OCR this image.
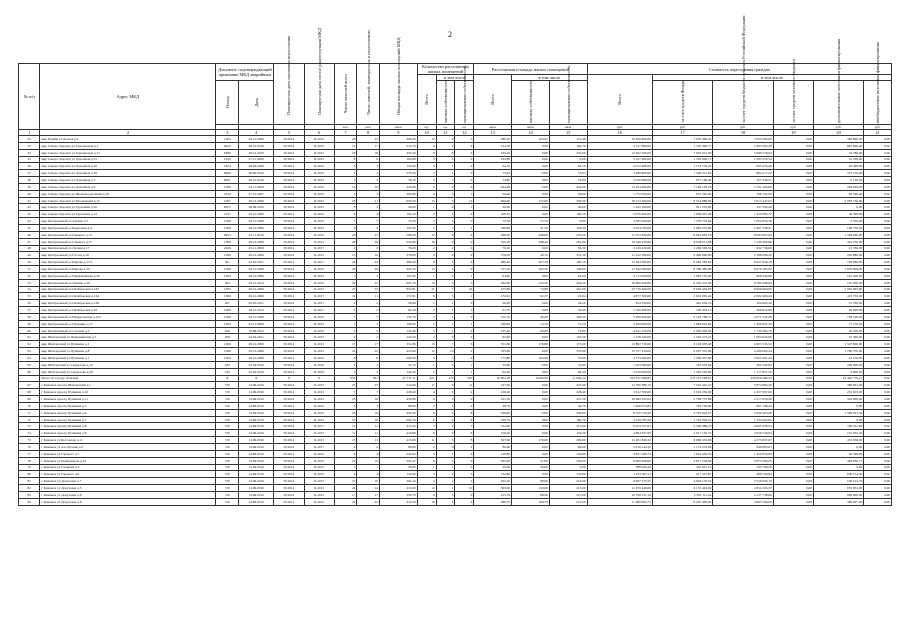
2
№ п/п	Адрес МКД	Документ, подтверждающий признание МКД аварийным		Планируемая дата окончания переселения	Планируемая дата сноса/ реконструкции МКД	Число жителей всего	Число жителей, планируемых к переселению	Общая площадь жилых помещений МКД	Количество расселяемых жилых помещений			Расселяемая площадь жилых помещений			Стоимость переселения граждан					
									Всего	в том числе		Всего	в том числе		Всего	в том числе				
		Номер	Дата							частная собственность	муниципальная собственность		частная собственность	муниципальная собственность		за счет средств Фонда	за счет средств бюджета субъекта Российской Федерации	за счет средств местного бюджета	дополнительные источники финансирования	внебюджетные источники финансирования
						чел.	чел.	кв.м	ед.	ед.	ед.	кв.м	кв.м	кв.м	руб.	руб.	руб.	руб.	руб.	руб.
1	2	3	4	5	6	7	8	9	10	11	12	13	14	15	16	17	18	19	20	21
32	мкр Рудник ул Лесная д.4	1363	29.12.2006	IV.2014	II.2015	25	25	380,20	12	9	3	380,20	103,47	172,48	19 650 860,00	7 055 460,20	7 005 584,00	0,00	382 800,00	0,00
33	мкр Северо-Задонск ул Зареченская д.1	6422	28.12.2010	IV.2014	II.2015	12	17	214,70	4	0	4	214,70	0,00	164,70	3 747 890,00	1 720 000,71	1 993 393,28	0,00	881 000,00	0,00
34	мкр Северо-Задонск ул Зареченская д.11	6380	28.12.2010	IV.2014	II.2015	18	18	435,20	8	8	0	435,20	0,00	435,00	12 822 290,00	7 003 051,06	5 680 578,94	0,00	34 780,00	0,00
35	мкр Северо-Задонск ул Дорожная д.15	1450	27.11.2006	IV.2014	II.2015	9	9	102,89	3	3	0	102,89	0,00	0,00	3 167 600,00	1 720 000,71	1 293 355,34	0,00	12 250,00	0,00
36	мкр Северо-Задонск ул Дорожная д.16	1874	28.04.2009	IV.2014	II.2015	3	3	154,90	3	1	2	64,10	0,00	64,10	2 012 480,00	1 153 776,24	923 474,46	0,00	63 400,00	0,00
37	мкр Северо-Задонск ул Дорожная д.18	6666	28.06.2010	IV.2014	II.2015	1	1	270,56	4	1	3	73,93	0,00	73,93	3 488 800,00	1 348 221,84	894 417,22	0,00	373 150,00	0,00
38	мкр Северо-Задонск ул Дорожная д.3	6621	20.12.2010	IV.2014	II.2015	3	3	78,10	3	3	0	74,80	0,00	74,80	2 050 660,00	877 160,40	707 339,51	0,00	6 150,00	0,00
39	мкр Северо-Задонск ул Дорожная д.9	1366	24.11.2006	IV.2014	II.2015	16	16	424,69	6	0	6	424,69	0,00	424,69	13 204 460,00	7 166 129,18	5 761 164,80	0,00	264 099,00	0,00
40	мкр Северо-Задонск ул Железнодорожная д.16	1619	27.12.2007	IV.2014	II.2015	3	3	383,80	4	3	1	59,60	0,00	59,60	1 772 050,00	851 340,00	796 152,00	0,00	84 590,00	0,00
41	мкр Северо-Задонск ул Московская д.12	1367	29.12.2006	IV.2014	II.2015	18	21	650,50	15	3	12	690,00	172,90	339,90	18 213 400,00	8 514 889,60	7 615 447,05	0,00	2 083 130,00	0,00
42	мкр Северо-Задонск ул Тургенева д.10	6075	28.06.2010	IV.2014	II.2015	3	3	40,00	1	0	1	40,00	0,00	40,00	1 445 590,00	811 270,60	437 590,40	0,00	0,00	0,00
43	мкр Северо-Задонск ул Тургенева д.13	1617	25.12.2009	IV.2014	II.2015	4	4	100,10	2	0	2	100,10	0,00	100,10	3 070 400,00	1 609 015,28	1 422 085,72	0,00	39 300,00	0,00
44	мкр Центральный ул Артема д.7	1366	29.12.2006	IV.2014	II.2015	7	7	72,59	4	4	0	72,59	72,59	0,00	2 385 260,00	1 379 755,64	1 002 954,36	0,00	2 550,00	0,00
45	мкр Центральный ул Березовая д.4	1366	29.12.2006	IV.2014	II.2015	9	9	191,00	5	3	2	180,80	51,50	126,30	5 654 700,00	3 085 275,80	2 467 728,41	0,00	106 750,00	0,00
46	мкр Центральный ул Горького д.15	6453	23.11.2010	IV.2014	II.2015	25	27	588,50	12	8	4	568,50	298,00	270,50	17 072 830,00	8 601 963,18	8 083 667,64	0,00	1 584 200,00	0,00
47	мкр Центральный ул Горького д.17	1366	29.12.2006	IV.2014	II.2015	29	29	552,80	18	9	9	550,20	288,40	261,80	16 540 230,00	8 928 011,08	7 149 460,86	0,00	452 750,00	0,00
48	мкр Центральный ул Дачная д.17	2449	25.11.2009	IV.2014	II.2017	2	2	70,20	2	2	0	70,20	0,00	56,30	2 149 430,00	1 269 346,32	932 738,69	0,00	21 350,00	0,00
49	мкр Центральный ул Гоголя д.18	1366	29.12.2006	IV.2014	II.2015	15	16	378,00	9	0	9	378,00	46,70	331,30	11 912 360,00	6 460 990,80	5 188 096,20	0,00	262 880,00	0,00
50	мкр Центральный ул Кирова д.17/2	561	24.02.2011	IV.2014	II.2017	24	24	489,40	8	4	4	489,40	307,30	182,10	15 644 300,00	8 282 283,84	6 627 936,16	0,00	728 080,00	0,00
51	мкр Центральный ул Кирова д.30	1366	29.12.2006	IV.2014	II.2015	26	26	404,10	13	4	9	311,50	162,50	149,00	17 642 280,00	8 786 485,48	6 979 185,62	0,00	1 876 609,00	0,00
52	мкр Центральный ул Первомайская д.20	1363	29.12.2006	IV.2014	II.2015	5	5	101,90	1	0	1	64,60	0,00	64,60	2 113 020,00	1 083 770,00	868 249,88	0,00	161 400,00	0,00
53	мкр Центральный ул Ленина д.16	593	25.12.2014	IV.2014	II.2015	22	22	601,70	10	5	5	562,60	132,50	426,20	18 600 200,00	9 470 472,36	8 782 498,64	0,00	107 200,00	0,00
54	мкр Центральный ул Октябрьская д.163	1363	29.12.2006	IV.2014	II.2015	22	53	852,81	21	7	20	475,89	74,89	401,00	23 770 400,00	8 049 454,03	8 606 900,00	0,00	5 092 995,00	0,00
55	мкр Центральный ул Октябрьская д.164	1366	29.12.2006	IV.2014	II.2017	11	11	172,91	6	5	1	172,91	92,37	20,94	4 877 300,00	2 602 095,44	2 002 469,44	0,00	415 735,00	0,00
56	мкр Центральный ул Октябрьская д.169	497	02.05.2011	IV.2014	II.2017	2	2	58,99	1	1	0	26,20	0,00	26,20	814 350,00	491 956,74	304 693,26	0,00	15 700,00	0,00
57	мкр Центральный ул Октябрьская д.93	1068	18.12.2014	IV.2014	II.2017	2	2	64,30	2	1	1	61,70	9,60	42,00	1 700 480,00	748 403,13	509 814,80	0,00	42 900,00	0,00
58	мкр Центральный ул Некрасовская д.122	1366	29.12.2006	IV.2014	II.2015	7	7	152,70	4	1	3	152,70	46,40	106,30	5 299 400,00	2 163 766,72	2 071 532,28	0,00	738 100,00	0,00
59	мкр Центральный ул Пушкина д.17	1363	25.11.2006	IV.2014	II.2015	7	7	169,90	2	1	1	169,90	14,70	75,20	3 469 900,00	1 884 602,64	1 490 847,36	0,00	77 150,00	0,00
60	мкр Центральный ул Садовая д.3	920	19.08.2012	IV.2014	II.2015	5	5	135,40	3	1	2	135,40	60,60	74,80	4 041 150,00	2 095 000,63	1 730 384,76	0,00	30 200,00	0,00
61	мкр Шахтерский ул Первомайская д.7	206	24.02.2011	IV.2014	II.2015	2	2	120,20	2	0	2	62,60	0,00	103,30	1 278 100,00	1 263 273,22	1 004 022,06	0,00	10 300,00	0,00
62	мкр Шахтерский ул Пушкина д.1	1366	29.12.2006	IV.2014	II.2015	17	17	351,86	13	7	6	351,86	176,86	175,00	13 897 730,00	6 126 976,48	4 903 533,52	0,00	2 507 800,00	0,00
63	мкр Шахтерский ул Пушкина д.8	1366	29.12.2006	IV.2014	II.2015	22	22	425,90	12	10	2	335,80	0,00	335,80	13 377 410,00	6 297 535,96	4 280 002,24	0,00	1 790 370,00	0,00
64	мкр Шахтерский ул Пушкина д.1	1363	29.12.2006	IV.2014	II.2015	8	8	209,50	5	3	2	173,80	102,90	70,90	4 733 290,00	1 599 937,60	2 002 401,44	0,00	41 150,00	0,00
65	мкр Шахтерский ул Свердлова д.14	422	22.04.2010	IV.2014	II.2016	1	1	45,70	1	0	1	32,60	0,00	32,60	1 263 380,00	552 035,64	462 344,84	0,00	249 000,00	0,00
66	мкр Шахтерский ул Свердлова д.20	432	22.04.2010	IV.2014	II.2016	2	2	144,20	2	1	1	92,40	0,00	92,40	2 919 000,00	1 595 526,80	1 117 871,20	0,00	6 000,00	0,00
	Итого по городу Донской	X	X	X	X	955	961	21 737,11	421	174	307	16 004,18	6 000,00	11 094,14	524 552 398,83	273 551 269,91	226 650 289,45	0,00	24 420 779,21	0,00
67	г Кимовск проезд Шахтерский д.1	720	14.09.2010	IV.2014	II.2015	25	23	514,60	11	6	11	437,60	0,00	437,60	12 760 386,10	7 225 445,47	5 874 984,26	0,00	380 991,00	0,00
68	г Кимовск проезд Пушкина д.10	720	14.09.2010	IV.2014	II.2015	7	7	228,40	4	0	4	228,40	0,00	228,40	5 612 760,00	3 016 250,09	2 457 097,00	0,00	201 625,00	0,00
69	г Кимовск проезд Пушкина д.11	720	14.09.2010	IV.2014	II.2015	18	18	432,80	9	0	9	321,50	0,00	321,50	10 962 932,63	5 796 775,88	4 317 656,28	0,00	344 800,00	0,00
70	г Кимовск проезд Пушкина д.5	720	14.09.2010	IV.2014	II.2015	3	3	98,90	2	0	2	49,70	0,00	49,70	1 400 074,82	793 756,80	607 148,44	0,00	0,00	0,00
71	г Кимовск проезд Пушкина д.6	720	14.09.2010	IV.2014	II.2015	16	16	450,30	8	0	8	339,90	0,00	336,90	8 550 729,20	3 795 624,57	3 640 403,48	0,00	1 569 201,34	0,00
72	г Кимовск проезд Пушкина д.7	720	14.09.2010	IV.2014	II.2015	10	10	294,70	6	0	6	169,70	0,00	169,70	3 229 765,26	1 792 092,51	1 792 092,85	0,00	0,00	0,00
73	г Кимовск проезд Пушкина д.8	720	14.09.2010	IV.2014	II.2017	12	12	413,45	7	0	7	312,60	0,00	312,60	9 254 757,05	4 596 080,23	4 065 436,03	0,00	356 222,82	0,00
74	г Кимовск проезд Пушкина д.8	720	14.09.2010	IV.2014	II.2015	11	11	416,80	6	0	6	156,20	0,00	156,20	4 864 957,96	2 617 195,72	2 056 726,84	0,00	191 035,40	0,00
75	г Кимовск ул Бессонова д.11	720	14.09.2010	IV.2014	II.2015	13	13	415,00	11	3	8	307,60	170,00	209,60	11 401 840,32	6 669 352,66	4 273 007,67	0,00	452 656,00	0,00
76	г Кимовск ул 4-я Луговая д.2	720	14.09.2010	IV.2014	II.2017	4	4	80,60	2	0	2	80,60	0,00	80,60	2 016 144,10	1 174 233,96	840 863,03	0,00	0,00	0,00
77	г Кимовск ул Горького д.7	720	14.09.2010	IV.2014	II.2015	4	4	242,84	5	1	4	126,80	0,00	126,80	3 857 189,73	1 844 463,70	1 450 950,84	0,00	92 569,00	0,00
78	г Кимовск ул Коммунаров д.34	720	14.09.2010	IV.2014	II.2015	19	19	302,47	8	2	6	302,00	51,00	256,00	9 699 498,00	4 817 239,69	3 873 399,25	0,00	426 836,77	0,00
79	г Кимовск ул Гагарина д.5	720	14.09.2010	IV.2014	II.2015	1	1	30,00	1	1	0	30,00	30,00	0,00	788 946,40	452 947,14	345 749,26	0,00	0,00	0,00
80	г Кимовск ул Горького д.9	720	14.09.2010	IV.2014	II.2015	4	4	132,80	3	0	3	132,80	0,00	132,80	1 415 367,11	611 341,87	489 726,84	0,00	600 154,30	0,00
81	г Кимовск ул Докучаева д.7	720	14.09.2010	IV.2014	II.2015	10	10	364,16	4	2	2	202,10	98,00	214,00	9 067 270,25	4 994 170,54	2 526 959,10	0,00	100 124,76	0,00
82	г Кимовск ул Докучаева д.5	720	14.09.2010	IV.2014	II.2015	24	24	413,00	12	2	10	363,00	150,00	213,00	11 670 448,00	6 155 424,00	4 854 165,37	0,00	655 961,00	0,00
83	г Кимовск ул Докучаева д.6	720	14.09.2010	IV.2014	II.2015	17	17	359,70	9	3	6	215,79	88,90	227,00	10 798 331,16	5 391 111,42	4 157 738,86	0,00	669 900,00	0,00
84	г Кимовск ул Докучаева д.8	720	14.09.2010	IV.2014	II.2015	22	22	410,59	10	6	4	380,70	168,70	212,00	11 668 992,75	6 297 499,00	4 983 546,00	0,00	389 997,00	0,00
